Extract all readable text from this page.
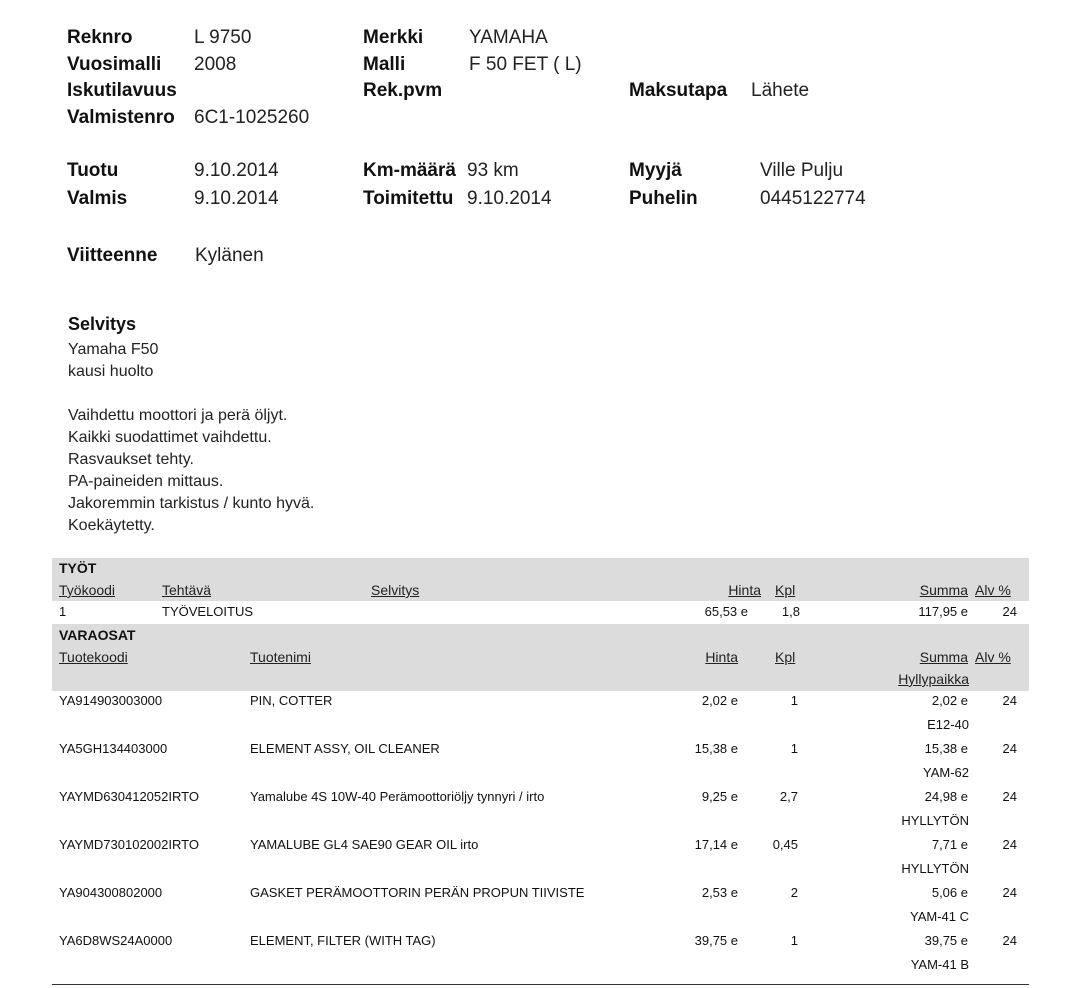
Reknro	L 9750
Vuosimalli 2008
Iskutilavuus
Valmistenro 6C1-1025260
Merkki YAMAHA
Malli	F 50 FET ( L)
Rek.pvm	Maksutapa Lähete
Tuotu	9.10.2014
Valmis	9.10.2014
Km-määrä 93 km
Toimitettu 9.10.2014
Myyjä	Ville Pulju
Puhelin	0445122774
Viitteenne Kylänen
Selvitys
Yamaha F50
kausi huolto

Vaihdettu moottori ja perä öljyt.
Kaikki suodattimet vaihdettu.
Rasvaukset tehty.
PA-paineiden mittaus.
Jakoremmin tarkistus / kunto hyvä.
Koekäytetty.
TYÖT
Työkoodi	Tehtävä	Selvitys	Hinta Kpl	Summa Alv %
1	TYÖVELOITUS	65,53 e	1,8	117,95 e	24
VARAOSAT
Tuotekoodi	Tuotenimi	Hinta	Kpl	Summa Alv %
Hyllypaikka
YA914903003000	PIN, COTTER	2,02 e	1	2,02 e	24
E12-40
YA5GH134403000	ELEMENT ASSY, OIL CLEANER	15,38 e	1	15,38 e	24
YAM-62
YAYMD630412052IRTO	Yamalube 4S 10W-40 Perämoottoriöljy tynnyri / irto	9,25 e	2,7	24,98 e	24
HYLLYTÖN
YAYMD730102002IRTO	YAMALUBE GL4 SAE90 GEAR OIL irto	17,14 e	0,45	7,71 e	24
HYLLYTÖN
YA904300802000	GASKET PERÄMOOTTORIN PERÄN PROPUN TIIVISTE	2,53 e	2	5,06 e	24
YAM-41 C
YA6D8WS24A0000	ELEMENT, FILTER (WITH TAG)	39,75 e	1	39,75 e	24
YAM-41 B
